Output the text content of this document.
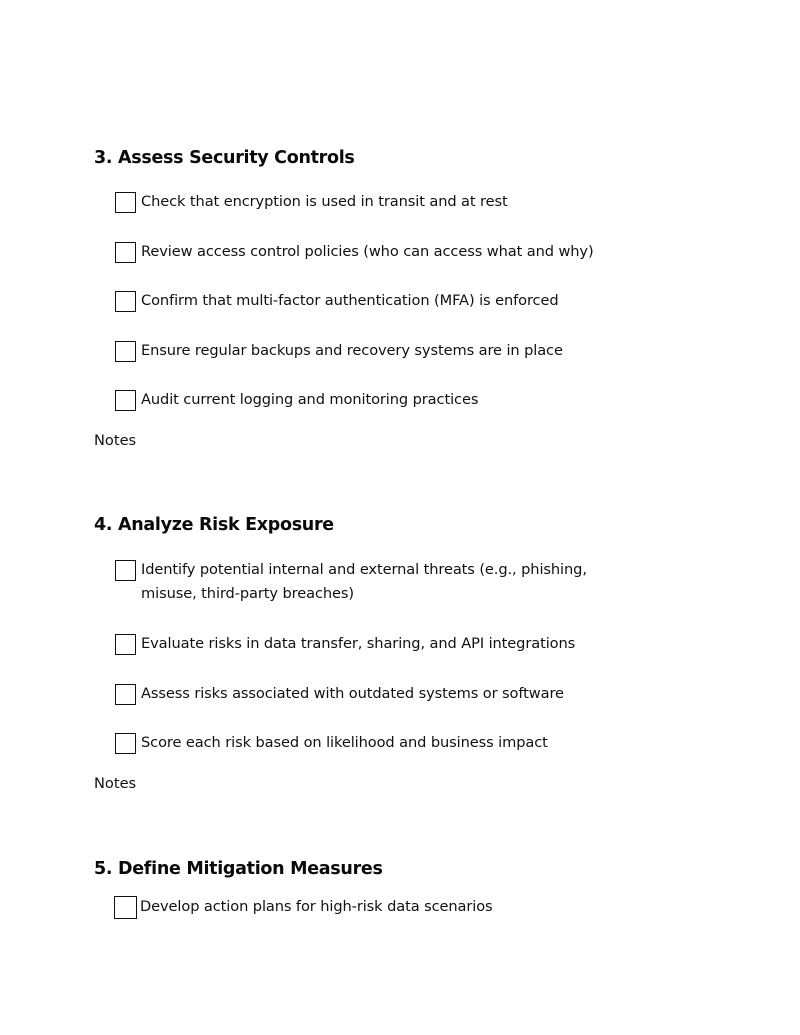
3. Assess Security Controls
Check that encryption is used in transit and at rest
Review access control policies (who can access what and why)
Confirm that multi-factor authentication (MFA) is enforced
Ensure regular backups and recovery systems are in place
Audit current logging and monitoring practices
Notes
4. Analyze Risk Exposure
Identify potential internal and external threats (e.g., phishing, misuse, third-party breaches)
Evaluate risks in data transfer, sharing, and API integrations
Assess risks associated with outdated systems or software
Score each risk based on likelihood and business impact
Notes
5. Define Mitigation Measures
Develop action plans for high-risk data scenarios
